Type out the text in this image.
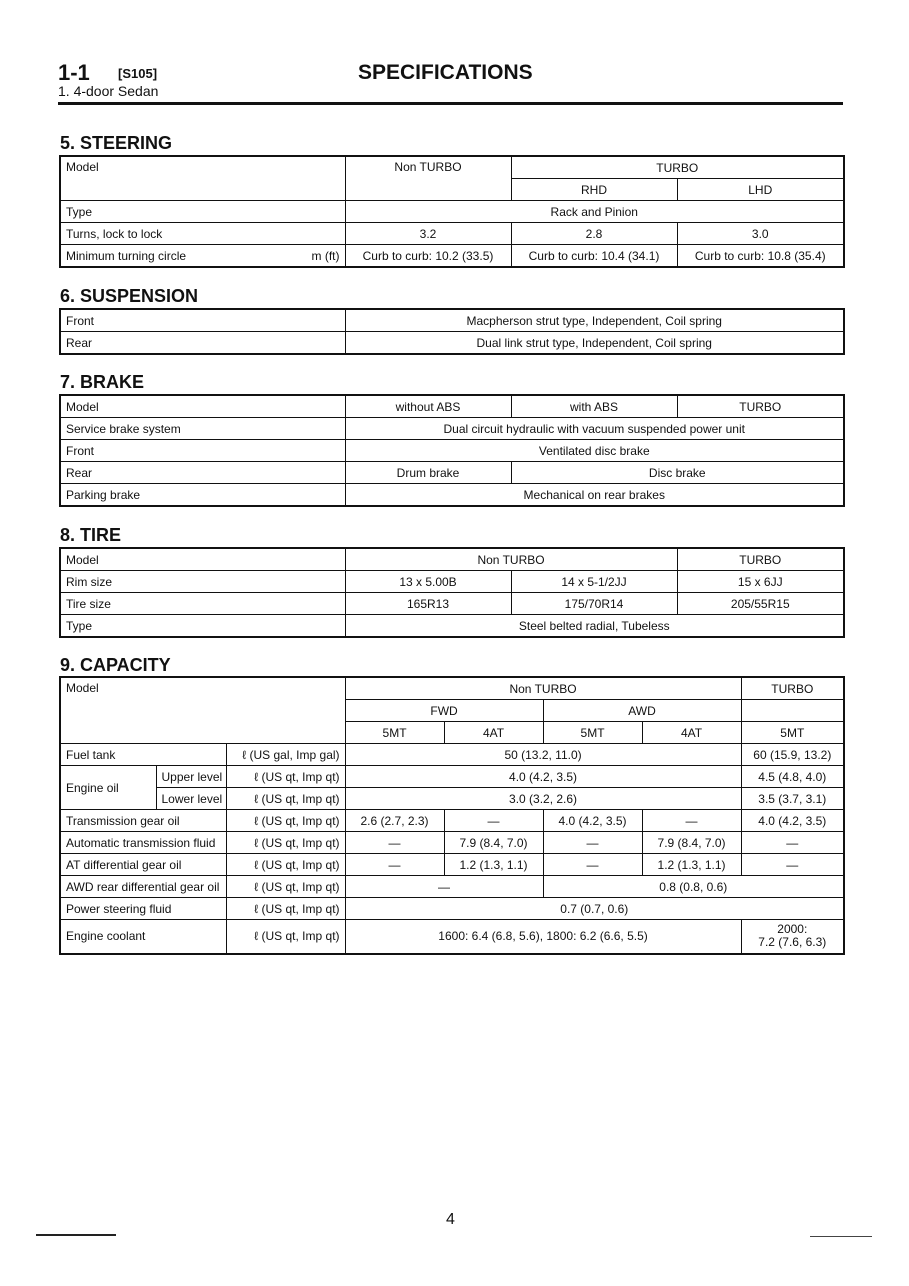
1-1 [S105]
1. 4-door Sedan
SPECIFICATIONS
5. STEERING
Model	Non TURBO	TURBO	
		RHD	LHD
Type	Rack and Pinion		
Turns, lock to lock	3.2	2.8	3.0

Minimum turning circle m (ft)	Curb to curb: 10.2 (33.5)	Curb to curb: 10.4 (34.1)	Curb to curb: 10.8 (35.4)
6. SUSPENSION
Front	Macpherson strut type, Independent, Coil spring
Rear	Dual link strut type, Independent, Coil spring
7. BRAKE
Model	without ABS	with ABS	TURBO
Service brake system	Dual circuit hydraulic with vacuum suspended power unit		
Front	Ventilated disc brake		
Rear	Drum brake	Disc brake	
Parking brake	Mechanical on rear brakes		
8. TIRE
Model	Non TURBO		TURBO
Rim size	13 x 5.00B	14 x 5-1/2JJ	15 x 6JJ
Tire size	165R13	175/70R14	205/55R15
Type	Steel belted radial, Tubeless		
9. CAPACITY
Model			Non TURBO				TURBO
			FWD		AWD		
			5MT	4AT	5MT	4AT	5MT
Fuel tank		ℓ (US gal, Imp gal)	50 (13.2, 11.0)				60 (15.9, 13.2)
Engine oil	Upper level	ℓ (US qt, Imp qt)	4.0 (4.2, 3.5)				4.5 (4.8, 4.0)
	Lower level	ℓ (US qt, Imp qt)	3.0 (3.2, 2.6)				3.5 (3.7, 3.1)
Transmission gear oil		ℓ (US qt, Imp qt)	2.6 (2.7, 2.3)	—	4.0 (4.2, 3.5)	—	4.0 (4.2, 3.5)
Automatic transmission fluid		ℓ (US qt, Imp qt)	—	7.9 (8.4, 7.0)	—	7.9 (8.4, 7.0)	—
AT differential gear oil		ℓ (US qt, Imp qt)	—	1.2 (1.3, 1.1)	—	1.2 (1.3, 1.1)	—
AWD rear differential gear oil		ℓ (US qt, Imp qt)	—		0.8 (0.8, 0.6)		
Power steering fluid		ℓ (US qt, Imp qt)	0.7 (0.7, 0.6)				
Engine coolant		ℓ (US qt, Imp qt)	1600: 6.4 (6.8, 5.6), 1800: 6.2 (6.6, 5.5)				2000:
7.2 (7.6, 6.3)
4
